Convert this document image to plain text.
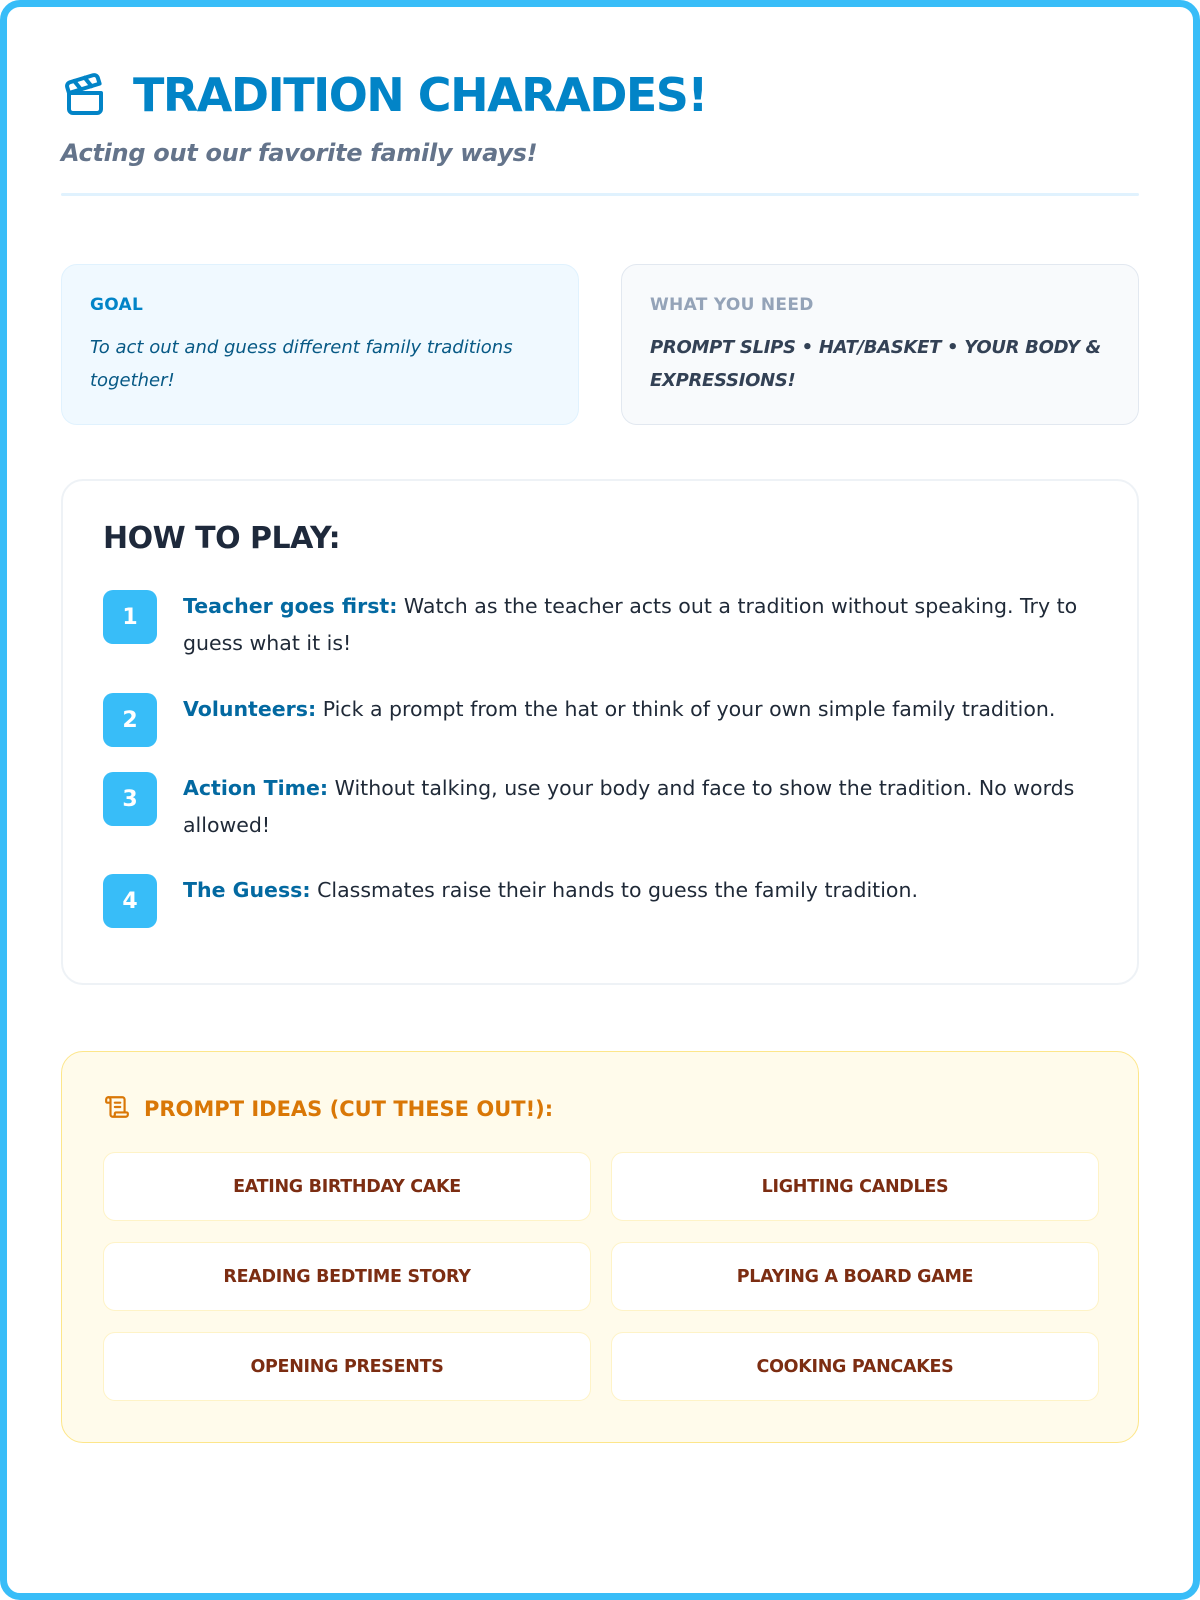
TRADITION CHARADES!
Acting out our favorite family ways!
GOAL
To act out and guess different family traditions together!
WHAT YOU NEED
PROMPT SLIPS • HAT/BASKET • YOUR BODY & EXPRESSIONS!
HOW TO PLAY:
1	Teacher goes first: Watch as the teacher acts out a tradition without speaking. Try to guess what it is!
2	Volunteers: Pick a prompt from the hat or think of your own simple family tradition.
3	Action Time: Without talking, use your body and face to show the tradition. No words allowed!
4	The Guess: Classmates raise their hands to guess the family tradition.
PROMPT IDEAS (CUT THESE OUT!):
EATING BIRTHDAY CAKE	LIGHTING CANDLES
READING BEDTIME STORY	PLAYING A BOARD GAME
OPENING PRESENTS	COOKING PANCAKES
